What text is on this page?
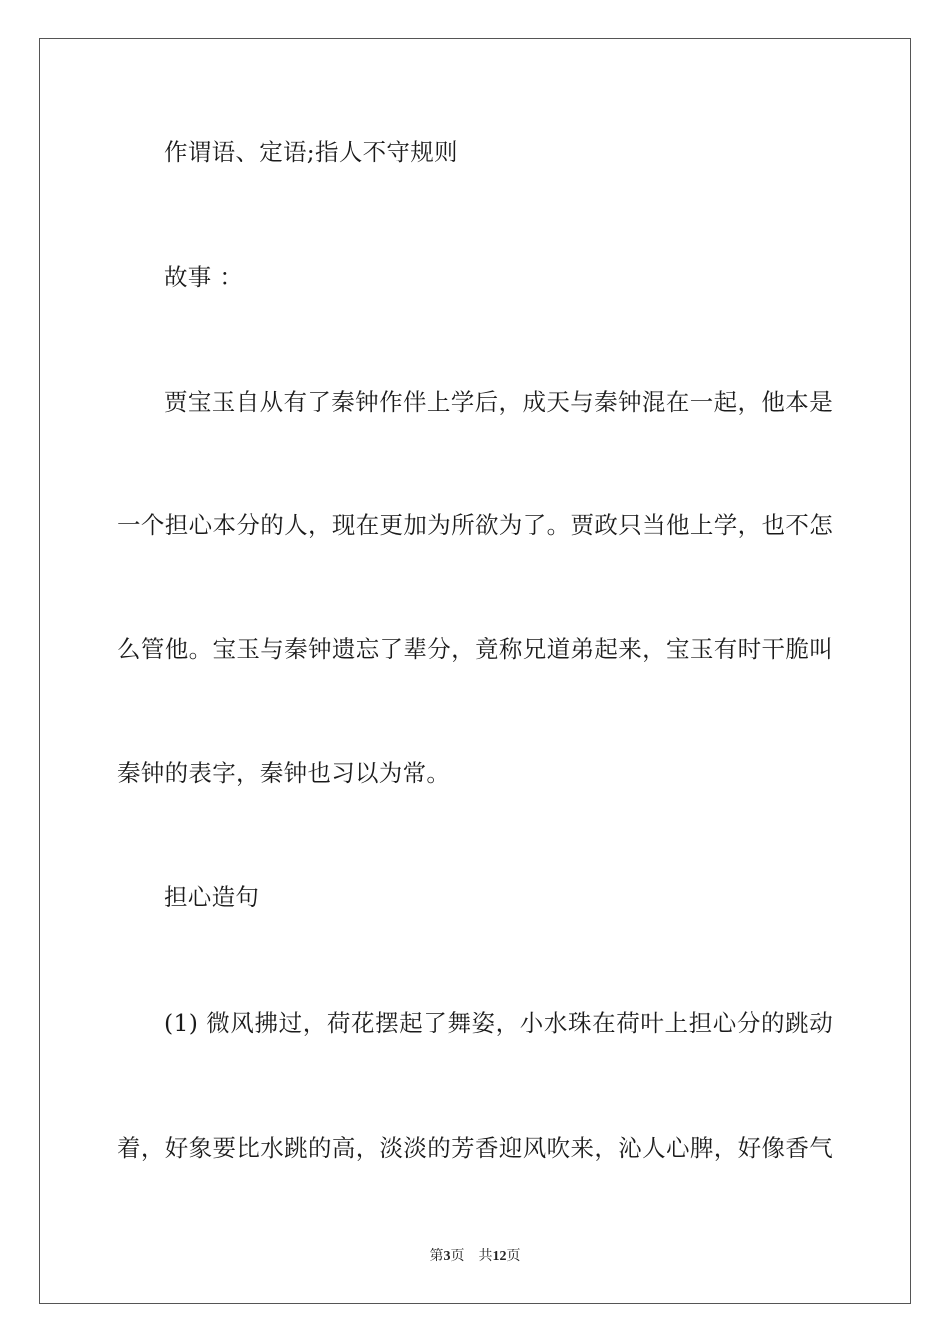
作谓语、定语;指人不守规则
故事 ：
贾宝玉自从有了秦钟作伴上学后，成天与秦钟混在一起，他本是
一个担心本分的人，现在更加为所欲为了。贾政只当他上学，也不怎
么管他。宝玉与秦钟遗忘了辈分，竟称兄道弟起来，宝玉有时干脆叫
秦钟的表字，秦钟也习以为常。
担心造句
(1) 微风拂过，荷花摆起了舞姿，小水珠在荷叶上担心分的跳动
着，好象要比水跳的高，淡淡的芳香迎风吹来，沁人心脾，好像香气
第3页 共12页
